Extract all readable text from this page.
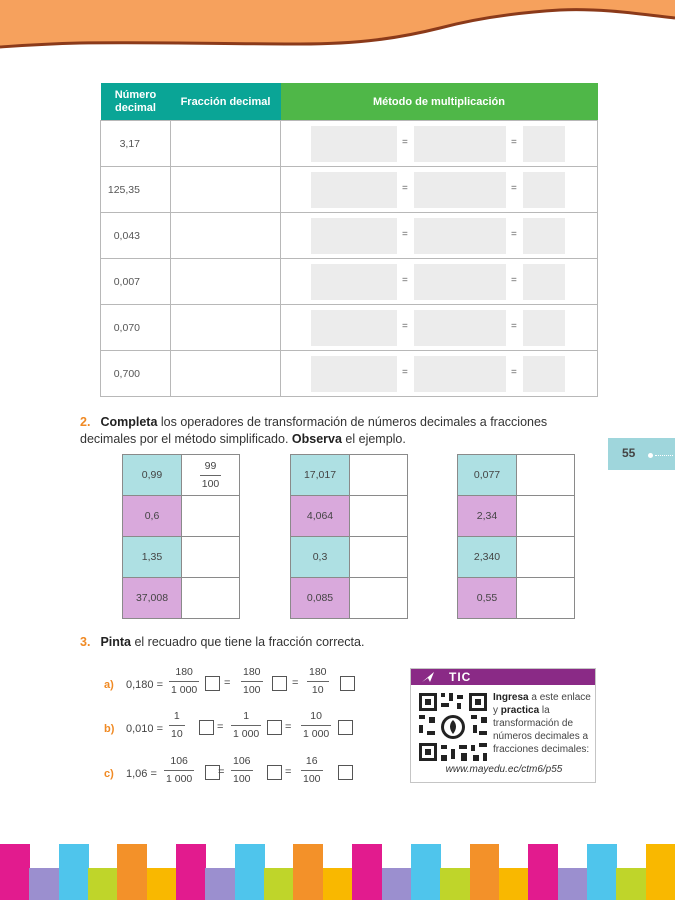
Número decimal	Fracción decimal	Método de multiplicación
3,17		= =

125,35		= =

0,043		= =

0,007		= =

0,070		= =

0,700		= =
2. Completa los operadores de transformación de números decimales a fracciones decimales por el método simplificado. Observa el ejemplo.
55
0,99	$\frac{99}{100}$

0,6	
1,35	
37,008	
17,017	
4,064	
0,3	
0,085	
0,077	
2,34	
2,340	
0,55	
3. Pinta el recuadro que tiene la fracción correcta.
a)	0,180 =
180
1 000
=
180
100
=
180
10
b)	0,010 =
1
10
=
1
1 000
=
10
1 000
c)	1,06 =
106
1 000
=
106
100
=
16
100
TIC
Ingresa a este enlace y practica la transformación de números decimales a fracciones decimales:
www.mayedu.ec/ctm6/p55
